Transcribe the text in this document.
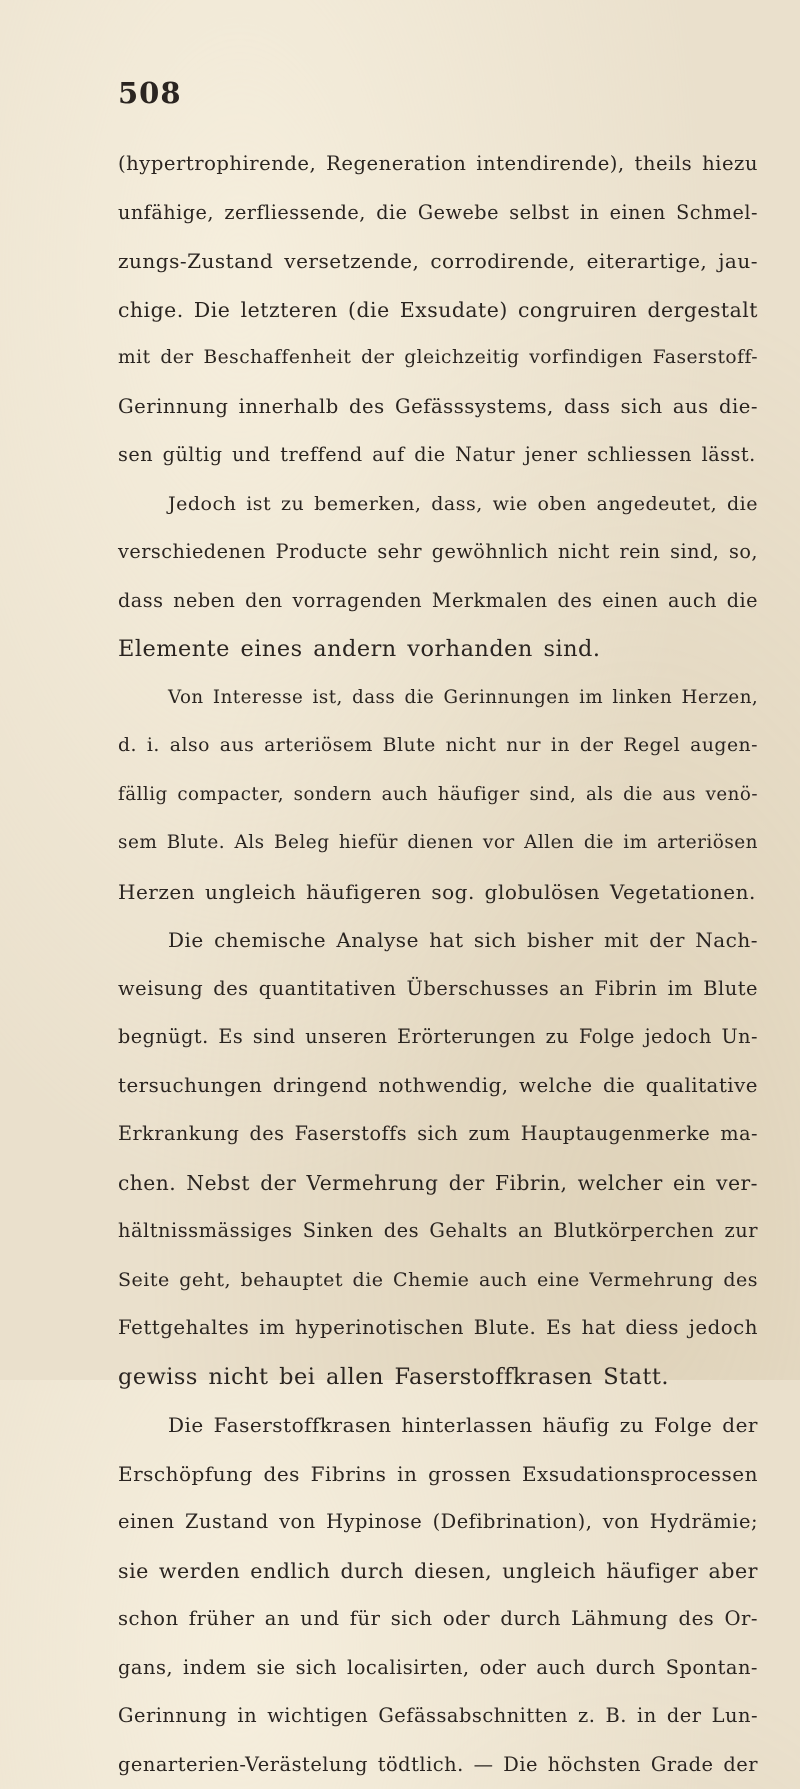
508
(hypertrophirende, Regeneration intendirende), theils hiezu
unfähige, zerfliessende, die Gewebe selbst in einen Schmel-
zungs-Zustand versetzende, corrodirende, eiterartige, jau-
chige. Die letzteren (die Exsudate) congruiren dergestalt
mit der Beschaffenheit der gleichzeitig vorfindigen Faserstoff-
Gerinnung innerhalb des Gefässsystems, dass sich aus die-
sen gültig und treffend auf die Natur jener schliessen lässt.
Jedoch ist zu bemerken, dass, wie oben angedeutet, die
verschiedenen Producte sehr gewöhnlich nicht rein sind, so,
dass neben den vorragenden Merkmalen des einen auch die
Elemente eines andern vorhanden sind.
Von Interesse ist, dass die Gerinnungen im linken Herzen,
d. i. also aus arteriösem Blute nicht nur in der Regel augen-
fällig compacter, sondern auch häufiger sind, als die aus venö-
sem Blute. Als Beleg hiefür dienen vor Allen die im arteriösen
Herzen ungleich häufigeren sog. globulösen Vegetationen.
Die chemische Analyse hat sich bisher mit der Nach-
weisung des quantitativen Überschusses an Fibrin im Blute
begnügt. Es sind unseren Erörterungen zu Folge jedoch Un-
tersuchungen dringend nothwendig, welche die qualitative
Erkrankung des Faserstoffs sich zum Hauptaugenmerke ma-
chen. Nebst der Vermehrung der Fibrin, welcher ein ver-
hältnissmässiges Sinken des Gehalts an Blutkörperchen zur
Seite geht, behauptet die Chemie auch eine Vermehrung des
Fettgehaltes im hyperinotischen Blute. Es hat diess jedoch
gewiss nicht bei allen Faserstoffkrasen Statt.
Die Faserstoffkrasen hinterlassen häufig zu Folge der
Erschöpfung des Fibrins in grossen Exsudationsprocessen
einen Zustand von Hypinose (Defibrination), von Hydrämie;
sie werden endlich durch diesen, ungleich häufiger aber
schon früher an und für sich oder durch Lähmung des Or-
gans, indem sie sich localisirten, oder auch durch Spontan-
Gerinnung in wichtigen Gefässabschnitten z. B. in der Lun-
genarterien-Verästelung tödtlich. — Die höchsten Grade der
